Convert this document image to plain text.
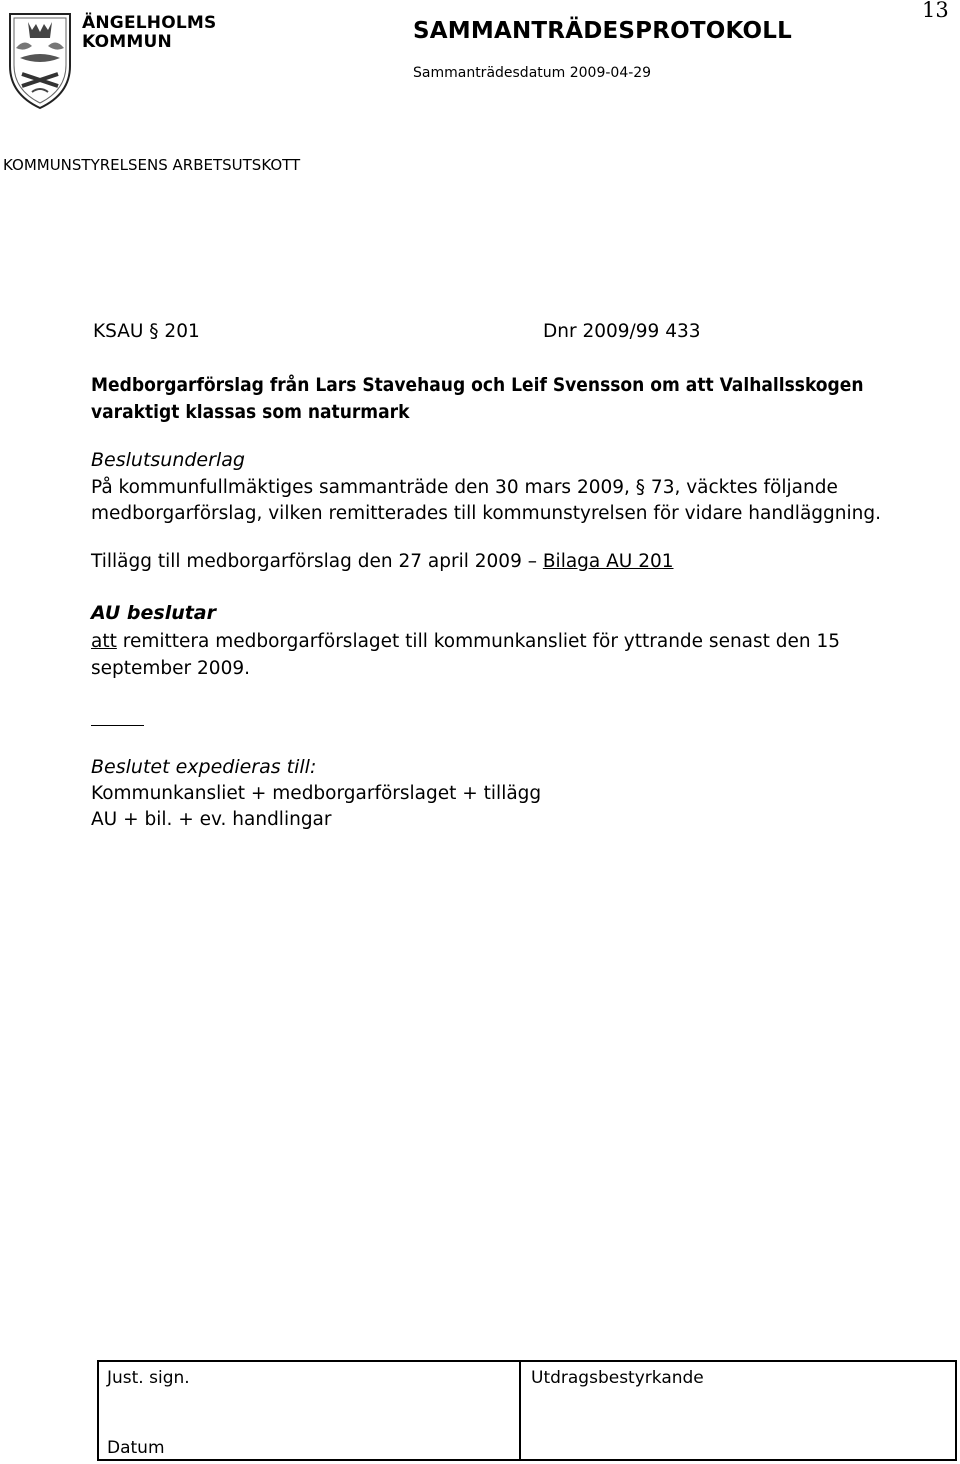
ÄNGELHOLMS
KOMMUN	SAMMANTRÄDESPROTOKOLL
Sammanträdesdatum 2009-04-29
13
KOMMUNSTYRELSENS ARBETSUTSKOTT
KSAU § 201	Dnr 2009/99 433
Medborgarförslag från Lars Stavehaug och Leif Svensson om att Valhallsskogen
varaktigt klassas som naturmark
Beslutsunderlag
På kommunfullmäktiges sammanträde den 30 mars 2009, § 73, väcktes följande
medborgarförslag, vilken remitterades till kommunstyrelsen för vidare handläggning.
Tillägg till medborgarförslag den 27 april 2009 – Bilaga AU 201
AU beslutar
att remittera medborgarförslaget till kommunkansliet för yttrande senast den 15
september 2009.
Beslutet expedieras till:
Kommunkansliet + medborgarförslaget + tillägg
AU + bil. + ev. handlingar
Just. sign.	Utdragsbestyrkande
Datum
